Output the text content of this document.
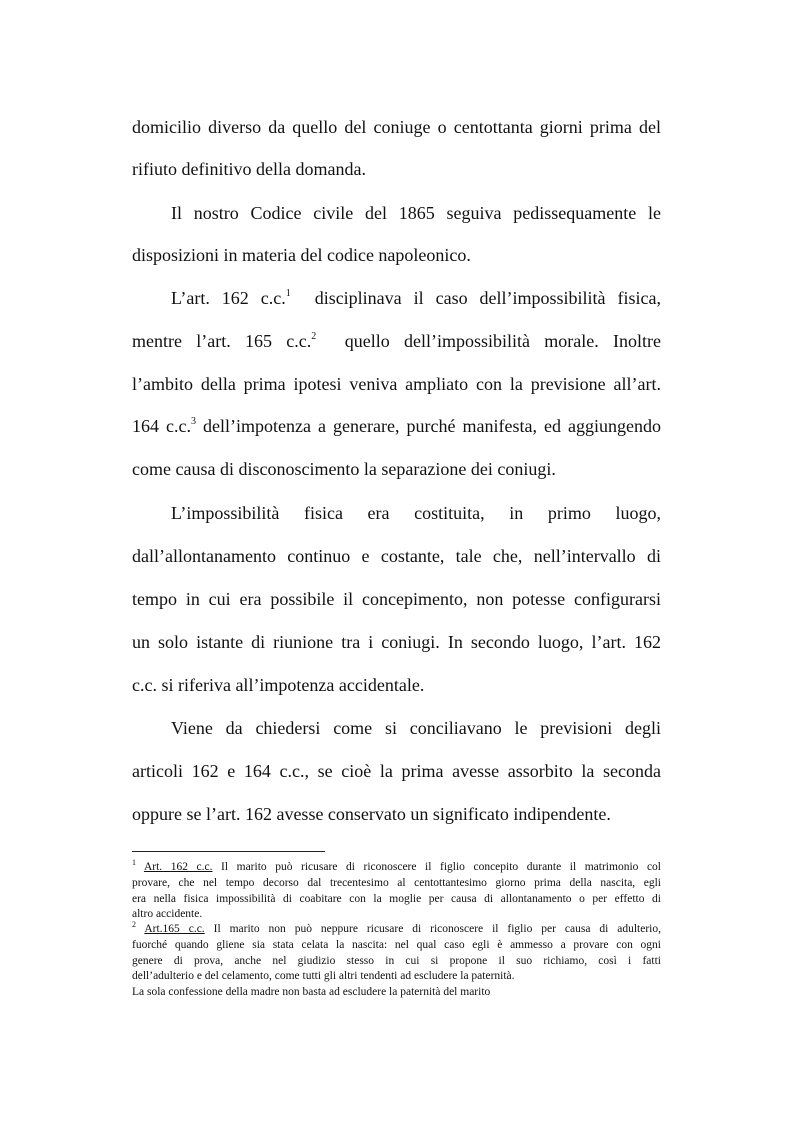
domicilio diverso da quello del coniuge o centottanta giorni prima del
rifiuto definitivo della domanda.
Il nostro Codice civile del 1865 seguiva pedissequamente le
disposizioni in materia del codice napoleonico.
L’art. 162 c.c.$^1$ disciplinava il caso dell’impossibilità fisica,
mentre l’art. 165 c.c.$^2$ quello dell’impossibilità morale. Inoltre
l’ambito della prima ipotesi veniva ampliato con la previsione all’art.
164 c.c.$^3$ dell’impotenza a generare, purché manifesta, ed aggiungendo
come causa di disconoscimento la separazione dei coniugi.
L’impossibilità fisica era costituita, in primo luogo,
dall’allontanamento continuo e costante, tale che, nell’intervallo di
tempo in cui era possibile il concepimento, non potesse configurarsi
un solo istante di riunione tra i coniugi. In secondo luogo, l’art. 162
c.c. si riferiva all’impotenza accidentale.
Viene da chiedersi come si conciliavano le previsioni degli
articoli 162 e 164 c.c., se cioè la prima avesse assorbito la seconda
oppure se l’art. 162 avesse conservato un significato indipendente.
$^1$ Art. 162 c.c. Il marito può ricusare di riconoscere il figlio concepito durante il matrimonio col
provare, che nel tempo decorso dal trecentesimo al centottantesimo giorno prima della nascita, egli
era nella fisica impossibilità di coabitare con la moglie per causa di allontanamento o per effetto di
altro accidente.
$^2$ Art.165 c.c. Il marito non può neppure ricusare di riconoscere il figlio per causa di adulterio,
fuorché quando gliene sia stata celata la nascita: nel qual caso egli è ammesso a provare con ogni
genere di prova, anche nel giudizio stesso in cui si propone il suo richiamo, così i fatti
dell’adulterio e del celamento, come tutti gli altri tendenti ad escludere la paternità.
La sola confessione della madre non basta ad escludere la paternità del marito
